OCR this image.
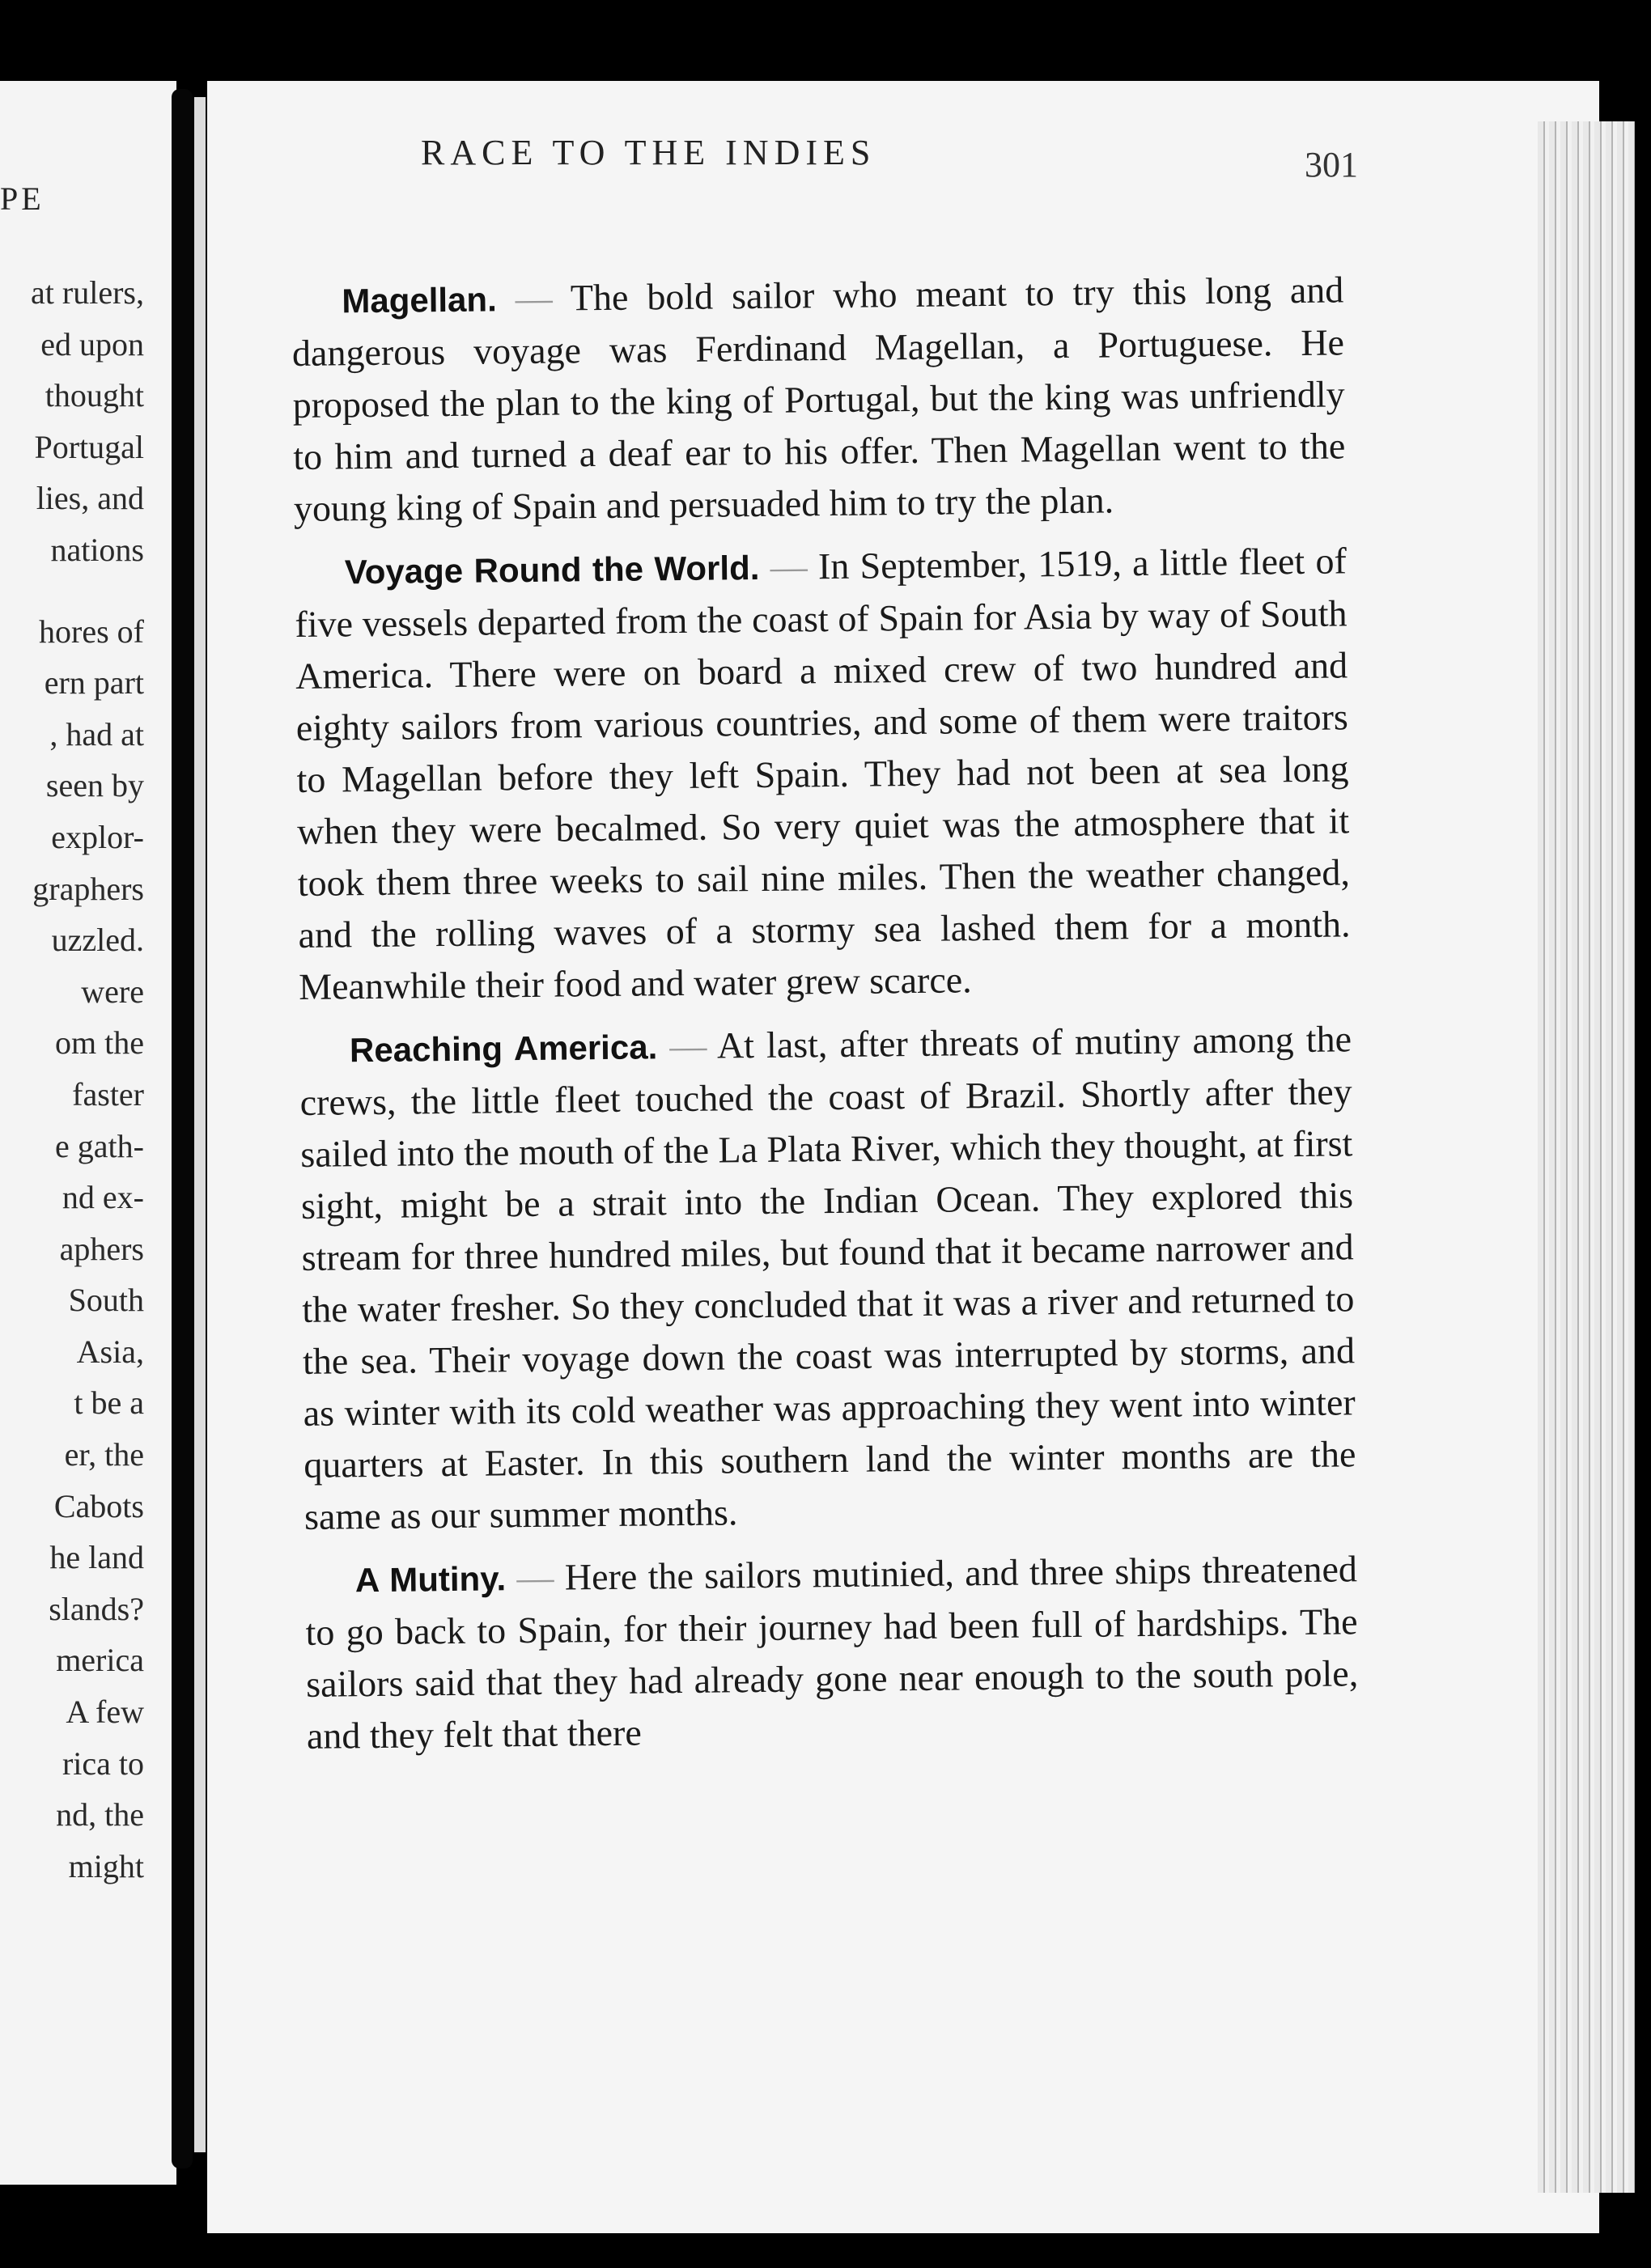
PE
at rulers,
ed upon
thought
Portugal
lies, and
nations
hores of
ern part
, had at
seen by
explor-
graphers
uzzled.
were
om the
faster
e gath-
nd ex-
aphers
South
Asia,
t be a
er, the
Cabots
he land
slands?
merica
A few
rica to
nd, the
might
RACE TO THE INDIES	301

Magellan. — The bold sailor who meant to try this long and dangerous voyage was Ferdinand Magellan, a Portuguese. He proposed the plan to the king of Portugal, but the king was unfriendly to him and turned a deaf ear to his offer. Then Magellan went to the young king of Spain and persuaded him to try the plan.

Voyage Round the World. — In September, 1519, a little fleet of five vessels departed from the coast of Spain for Asia by way of South America. There were on board a mixed crew of two hundred and eighty sailors from various countries, and some of them were traitors to Magellan before they left Spain. They had not been at sea long when they were becalmed. So very quiet was the atmosphere that it took them three weeks to sail nine miles. Then the weather changed, and the rolling waves of a stormy sea lashed them for a month. Meanwhile their food and water grew scarce.

Reaching America. — At last, after threats of mutiny among the crews, the little fleet touched the coast of Brazil. Shortly after they sailed into the mouth of the La Plata River, which they thought, at first sight, might be a strait into the Indian Ocean. They explored this stream for three hundred miles, but found that it became narrower and the water fresher. So they concluded that it was a river and returned to the sea. Their voyage down the coast was interrupted by storms, and as winter with its cold weather was approaching they went into winter quarters at Easter. In this southern land the winter months are the same as our summer months.

A Mutiny. — Here the sailors mutinied, and three ships threatened to go back to Spain, for their journey had been full of hardships. The sailors said that they had already gone near enough to the south pole, and they felt that there
